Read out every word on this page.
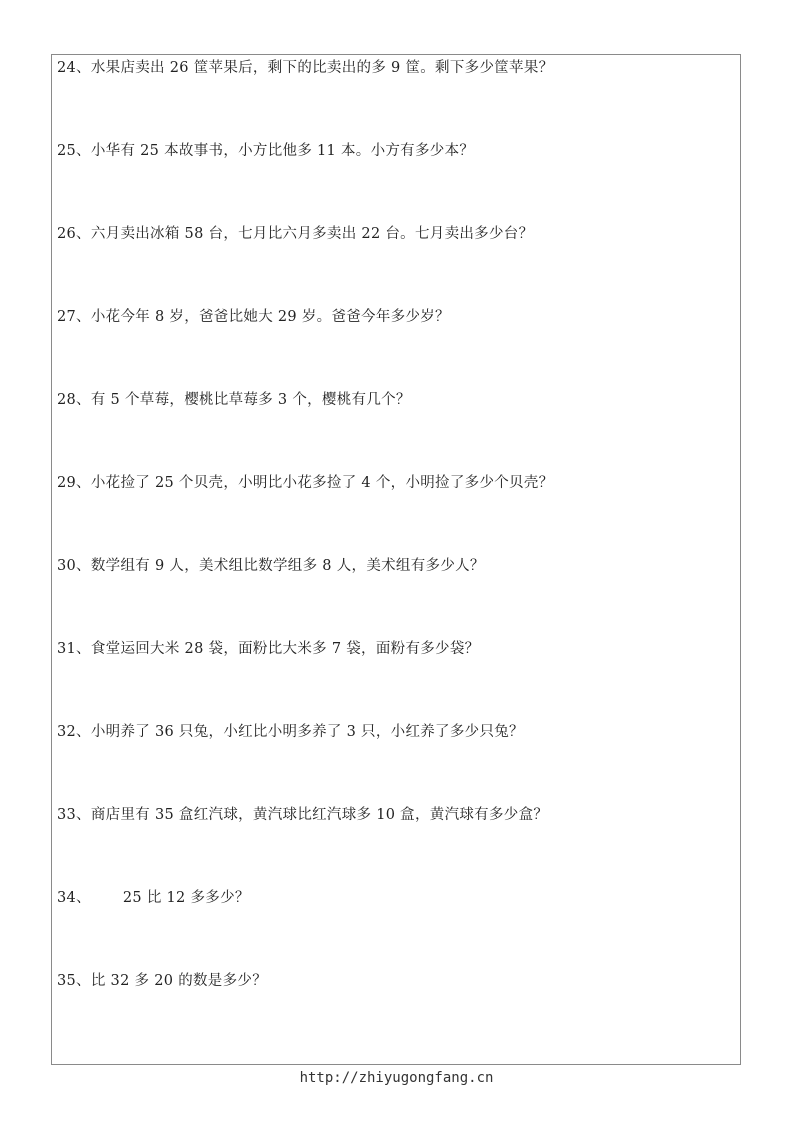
24、水果店卖出 26 筐苹果后，剩下的比卖出的多 9 筐。剩下多少筐苹果？
25、小华有 25 本故事书，小方比他多 11 本。小方有多少本？
26、六月卖出冰箱 58 台，七月比六月多卖出 22 台。七月卖出多少台？
27、小花今年 8 岁，爸爸比她大 29 岁。爸爸今年多少岁？
28、有 5 个草莓，樱桃比草莓多 3 个，樱桃有几个？
29、小花捡了 25 个贝壳，小明比小花多捡了 4 个，小明捡了多少个贝壳？
30、数学组有 9 人，美术组比数学组多 8 人，美术组有多少人？
31、食堂运回大米 28 袋，面粉比大米多 7 袋，面粉有多少袋？
32、小明养了 36 只兔，小红比小明多养了 3 只，小红养了多少只兔？
33、商店里有 35 盒红汽球，黄汽球比红汽球多 10 盒，黄汽球有多少盒？
34、 25 比 12 多多少？
35、比 32 多 20 的数是多少？
http://zhiyugongfang.cn
